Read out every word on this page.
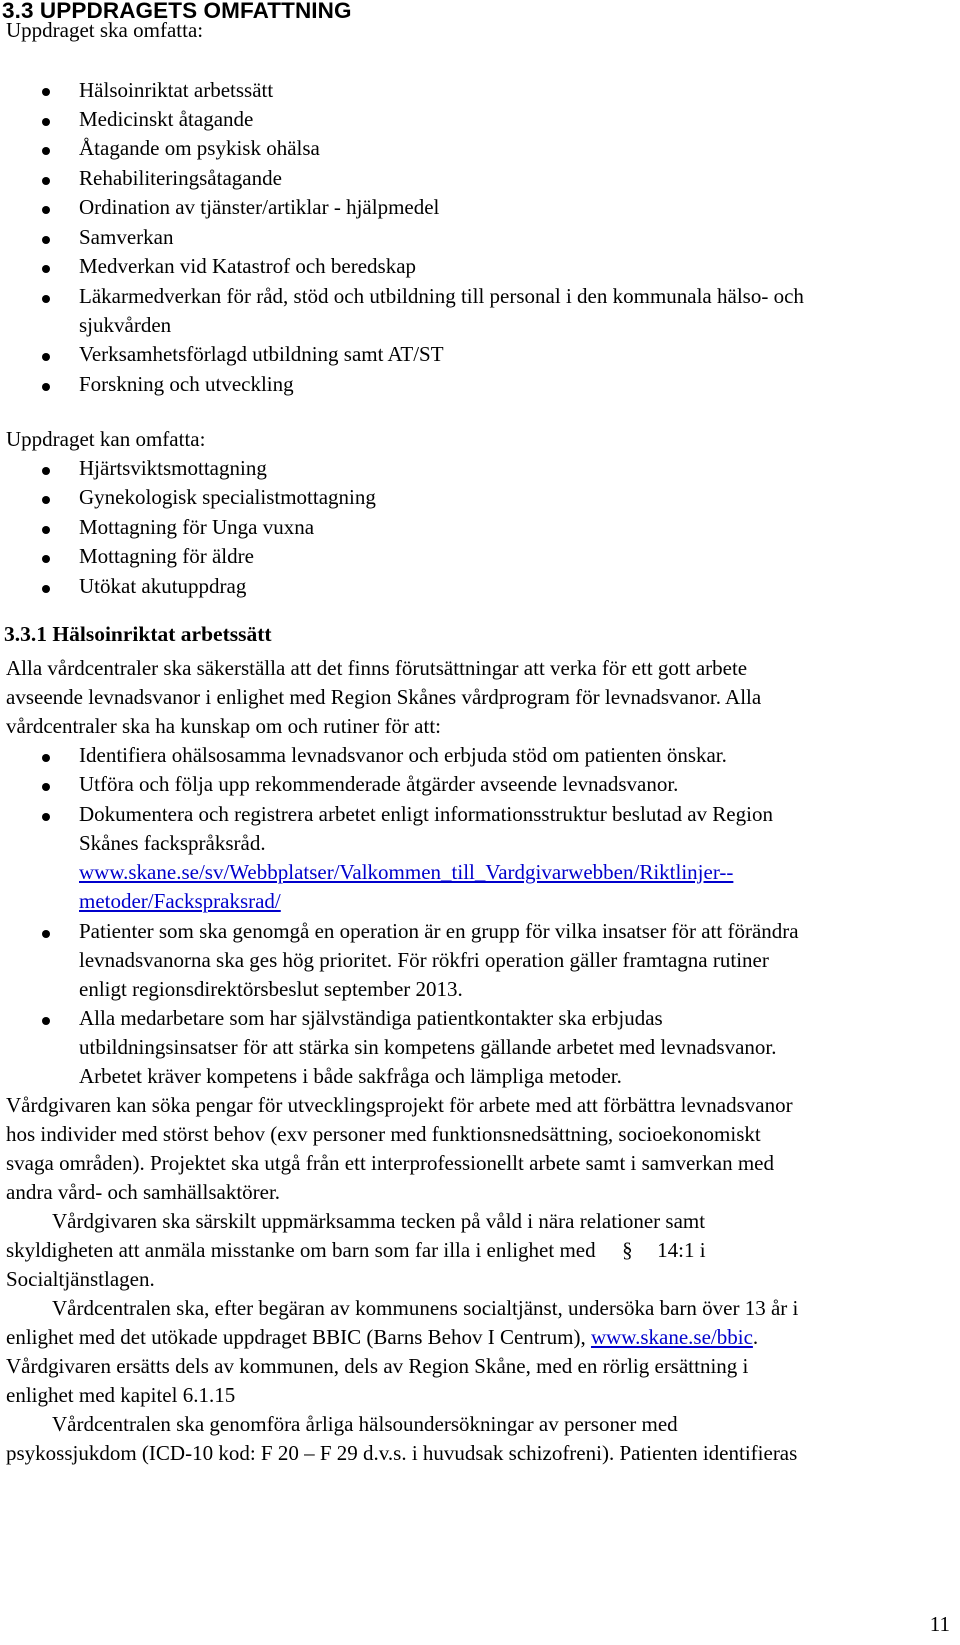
3.3 UPPDRAGETS OMFATTNING
Uppdraget ska omfatta:
Hälsoinriktat arbetssätt
Medicinskt åtagande
Åtagande om psykisk ohälsa
Rehabiliteringsåtagande
Ordination av tjänster/artiklar - hjälpmedel
Samverkan
Medverkan vid Katastrof och beredskap
Läkarmedverkan för råd, stöd och utbildning till personal i den kommunala hälso- och
sjukvården
Verksamhetsförlagd utbildning samt AT/ST
Forskning och utveckling
Uppdraget kan omfatta:
Hjärtsviktsmottagning
Gynekologisk specialistmottagning
Mottagning för Unga vuxna
Mottagning för äldre
Utökat akutuppdrag
3.3.1 Hälsoinriktat arbetssätt
Alla vårdcentraler ska säkerställa att det finns förutsättningar att verka för ett gott arbete
avseende levnadsvanor i enlighet med Region Skånes vårdprogram för levnadsvanor. Alla
vårdcentraler ska ha kunskap om och rutiner för att:
Identifiera ohälsosamma levnadsvanor och erbjuda stöd om patienten önskar.
Utföra och följa upp rekommenderade åtgärder avseende levnadsvanor.
Dokumentera och registrera arbetet enligt informationsstruktur beslutad av Region
Skånes fackspråksråd.
www.skane.se/sv/Webbplatser/Valkommen_till_Vardgivarwebben/Riktlinjer--
metoder/Fackspraksrad/
Patienter som ska genomgå en operation är en grupp för vilka insatser för att förändra
levnadsvanorna ska ges hög prioritet. För rökfri operation gäller framtagna rutiner
enligt regionsdirektörsbeslut september 2013.
Alla medarbetare som har självständiga patientkontakter ska erbjudas
utbildningsinsatser för att stärka sin kompetens gällande arbetet med levnadsvanor.
Arbetet kräver kompetens i både sakfråga och lämpliga metoder.
Vårdgivaren kan söka pengar för utvecklingsprojekt för arbete med att förbättra levnadsvanor
hos individer med störst behov (exv personer med funktionsnedsättning, socioekonomiskt
svaga områden). Projektet ska utgå från ett interprofessionellt arbete samt i samverkan med
andra vård- och samhällsaktörer.
Vårdgivaren ska särskilt uppmärksamma tecken på våld i nära relationer samt
skyldigheten att anmäla misstanke om barn som far illa i enlighet med § 14:1 i
Socialtjänstlagen.
Vårdcentralen ska, efter begäran av kommunens socialtjänst, undersöka barn över 13 år i
enlighet med det utökade uppdraget BBIC (Barns Behov I Centrum), www.skane.se/bbic.
Vårdgivaren ersätts dels av kommunen, dels av Region Skåne, med en rörlig ersättning i
enlighet med kapitel 6.1.15
Vårdcentralen ska genomföra årliga hälsoundersökningar av personer med
psykossjukdom (ICD-10 kod: F 20 – F 29 d.v.s. i huvudsak schizofreni). Patienten identifieras
11
